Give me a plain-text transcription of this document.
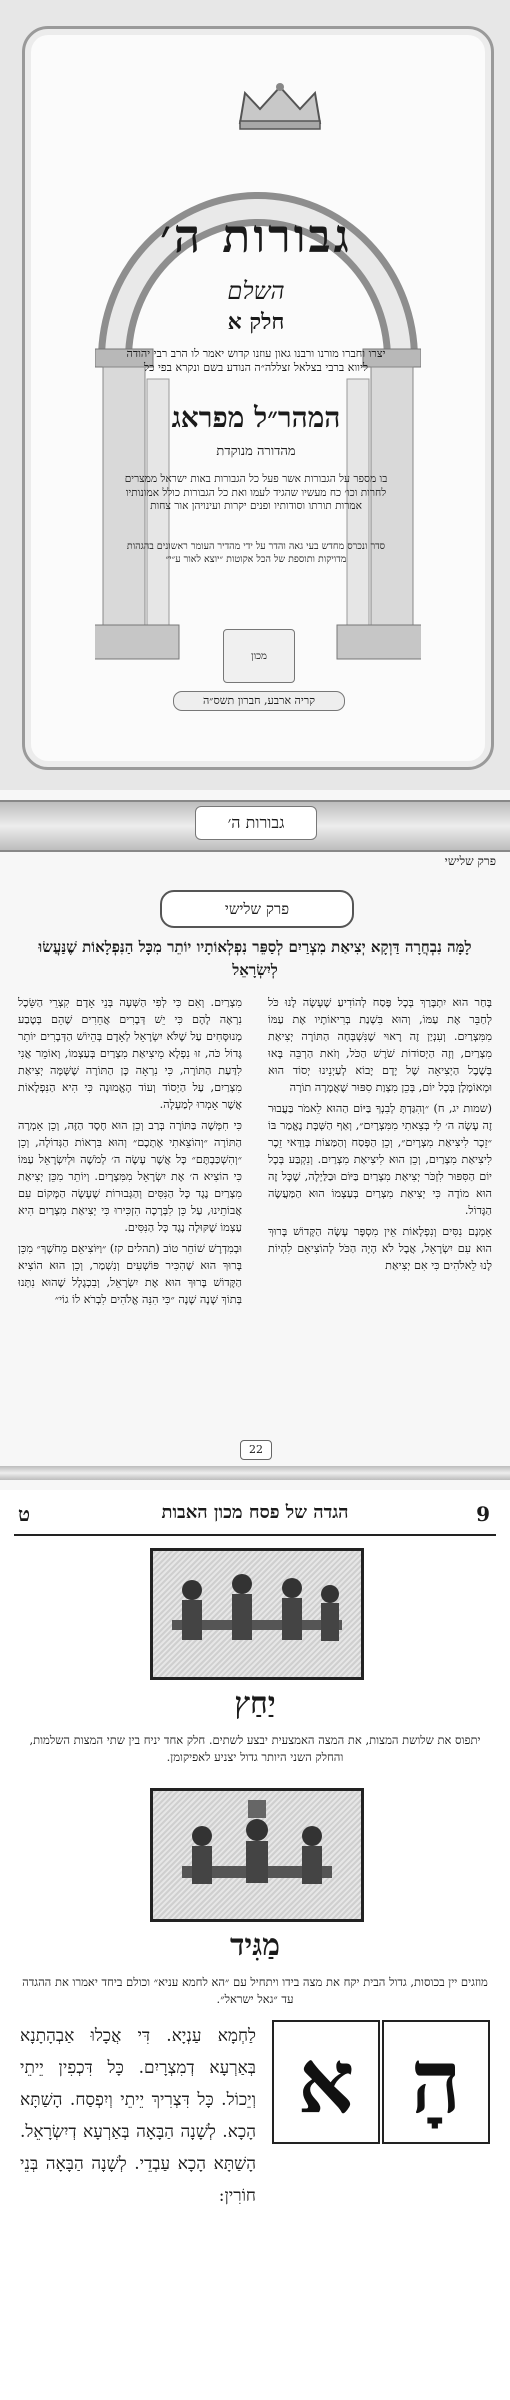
גבורות ה׳
השלם
חלק א
יצרו וחברו מורנו ורבנו גאון עוזנו קדוש יאמר לו הרב רבי יהודה ליווא ברבי בצלאל זצללה״ה הנודע בשם ונקרא בפי כל
המהר״ל מפראג
מהדורה מנוקדת
בו מספר על הגבורות אשר פעל כל הגבורות באות ישראל ממצרים לחרות וכו׳ כח מעשיו שהגיד לעמו ואת כל הגבורות כולל אמונותיו אמרות תורתו וסודותיו ופנים יקרות ועינויהן אור צחות
סדר ונכרס מחדש בעי גאה והדר על ידי מהדיר העומר ראשונים בהגהות מדויקות ותוספת של הכל אקוטות ״יוצא לאור ע״י״
מכון
קריה ארבע, חברון תשס״ה
גבורות ה׳
פרק שלישי
פרק שלישי
לָמָּה נִבְחֲרָה דַּוְקָא יְצִיאַת מִצְרַיִם לְסַפֵּר נִפְלְאוֹתָיו יוֹתֵר מִכָּל הַנִּפְלָאוֹת שֶׁנַּעֲשׂוּ לְיִשְׂרָאֵל

בָּחַר הוּא יִתְבָּרַךְ בְּכָל פֶּסַח לְהוֹדִיעַ שֶׁעָשָׂה לָנוּ כֹּל לְחַבֵּר אֶת עַמּוֹ, וְהוּא בִּשְׁנַת בְּרִיאוֹתָיו אֶת עַמּוֹ מִמִּצְרַיִם. וְעִנְיַן זֶה רָאוּי שֶׁנִּשְׁבְּחָה הַתּוֹרָה יְצִיאַת מִצְרַיִם, וְזֶה הַיְסוֹדוֹת שֹׁרֶשׁ הַכֹּל, וְזֹאת הַרְבֵּה בָּאוּ בְּשֶׁבֶל הַיְצִיאָה שֶׁל יָדָם יָבוֹא לְעַיְנֵינוּ יְסוֹד הוּא וּמְאוֹמָלָן בְּכָל יוֹם, בְּכֵן מִצְוַת סִפּוּר שֶׁאֲמָרָה תוֹרָה

(שמות יג, ח) ״וְהִגַּדְתָּ לְבִנְךָ בַּיּוֹם הַהוּא לֵאמֹר בַּעֲבוּר זֶה עָשָׂה ה׳ לִי בְּצֵאתִי מִמִּצְרָיִם״, וְאַף הַשְּׁבָּת נֶאֱמַר בּוֹ ״זֵכֶר לִיצִיאַת מִצְרָיִם״, וְכֵן הַפְּסַח וְהַמַּצּוֹת בְּוַדַּאי זֵכֶר לִיצִיאַת מִצְרַיִם, וְכֵן הוּא לִיצִיאַת מִצְרַיִם. וְנִקְבַּע בְּכָל יוֹם הַסִּפּוּר לִזְכֹּר יְצִיאַת מִצְרַיִם בַּיּוֹם וּבַלַּיְלָה, שֶׁכָּל זֶה הוּא מוֹדֶה כִּי יְצִיאַת מִצְרַיִם בְּעַצְמוֹ הוּא הַמַּעֲשֶׂה הַגָּדוֹל.

אָמְנָם נִסִּים וְנִפְלָאוֹת אֵין מִסְפָּר עָשָׂה הַקָּדוֹשׁ בָּרוּךְ הוּא עִם יִשְׂרָאֵל, אֲבָל לֹא הָיָה הַכֹּל לְהוֹצִיאָם לִהְיוֹת לָנוּ לֵאלֹהִים כִּי אִם יְצִיאַת

מִצְרַיִם. וְאִם כִּי לְפִי הַשְּׁעָה בְּנֵי אָדָם קִצְרֵי הַשֵּׂכֶל נִרְאֶה לָהֶם כִּי יֵשׁ דְּבָרִים אֲחֵרִים שֶׁהֵם בְּטֶבַע מְנוּסָּחִים עַל שֶׁלֹּא יִשְׂרָאֵל לְאָדָם בְּהֵיוֹשׁ הַדְּבָרִים יוֹתֵר גָּדוֹל כֹּה, זוּ נִפְלָא מֵיצִיאַת מִצְרַיִם בְּעַצְמוֹ, וְאוֹמֵר אֲנִי לִדַּעַת הַתּוֹרָה, כִּי נִרְאָה כָּן הַתּוֹרָה שֶׁשָּׁמָּה יְצִיאַת מִצְרַיִם, עַל הַיְסוֹד וְעוֹד הָאֱמוּנָה כִּי הִיא הַנִּפְלָאוֹת אֲשֶׁר אָמְרוּ לְמַעְלָה.

כִּי חִמְּשָׁה בַּתּוֹרָה בְּרַב וְכֵן הוּא חֶסֶד הַזֶּה, וְכֵן אָמְרָה הַתּוֹרָה ״וְהוֹצֵאתִי אֶתְכֶם״ וְהוּא בִּרְאוֹת הַגְּדוֹלָה, וְכֵן ״וְהִשְׁכַּבְתֶּם״ כָּל אֲשֶׁר עָשָׂה ה׳ לְמֹשֶׁה וּלְיִשְׂרָאֵל עַמּוֹ כִּי הוֹצִיא ה׳ אֶת יִשְׂרָאֵל מִמִּצְרָיִם. וְיוֹתֵר מִכֵּן יְצִיאַת מִצְרַיִם נֶגֶד כָּל הַנִּסִּים וְהַגְּבוּרוֹת שֶׁעָשָׂה הַמָּקוֹם עִם אֲבוֹתֵינוּ, עַל כֵּן לִבְּרָכָה הִזְכִּירוּ כִּי יְצִיאַת מִצְרַיִם הִיא עַצְמוֹ שֶׁקּוּלָה נֶגֶד כָּל הַנִּסִּים.

וּבְמִדְרָשׁ שׁוֹחֵר טוֹב (תהלים קז) ״וַיּוֹצִיאֵם מֵחֹשֶׁךְ״ מִכֵּן בָּרוּךְ הוּא שֶׁהִכִּיר פּוֹשְׁעִים וְנִשְׁמַר, וְכֵן הוּא הוֹצִיא הַקָּדוֹשׁ בָּרוּךְ הוּא אֶת יִשְׂרָאֵל, וְבִכְגָלָל שֶׁהוּא נִתְּנוּ בְּתוֹךְ שָׁנָה שָׁנָה ״כִּי הִנֵּה אֱלֹהִים לִבְרֹא לוֹ גוֹי״

22
9
הגדה של פסח מכון האבות
ט
יַחַץ
יתפוס את שלושת המצות, את המצה האמצעית יבצע לשתים. חלק אחד יניח בין שתי המצות השלמות, והחלק השני היותר גדול יצניע לאפיקומן.
מַגִּיד
מוזגים יין בכוסות, גדול הבית יקח את מצה בידו ויתחיל עם ״הא לחמא עניא״ וכולם ביחד יאמרו את ההגדה עד ״גאל ישראל״.
הָ
א
לַחְמָא עַנְיָא. דִּי אֲכָלוּ אַבְהָתָנָא בְּאַרְעָא דְמִצְרָיִם. כָּל דִּכְפִין יֵיתֵי וְיֵכוֹל. כָּל דִּצְרִיךְ יֵיתֵי וְיִפְסַח. הָשַׁתָּא הָכָא. לְשָׁנָה הַבָּאָה בְּאַרְעָא דְיִשְׂרָאֵל. הָשַׁתָּא הָכָא עַבְדֵי. לְשָׁנָה הַבָּאָה בְּנֵי חוֹרִין:
